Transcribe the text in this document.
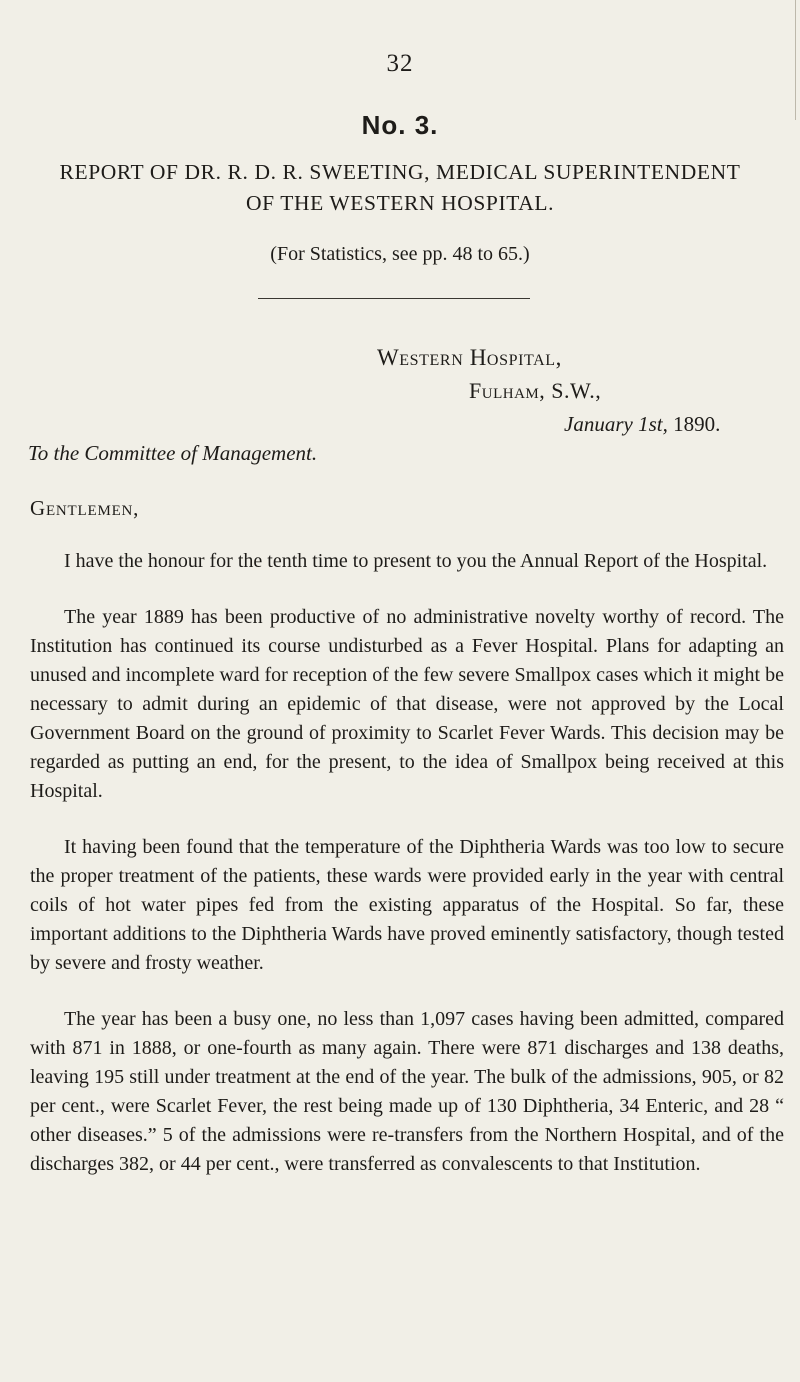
32
No. 3.
REPORT OF DR. R. D. R. SWEETING, MEDICAL SUPERINTENDENT
OF THE WESTERN HOSPITAL.
(For Statistics, see pp. 48 to 65.)
Western Hospital,
Fulham, S.W.,
January 1st, 1890.
To the Committee of Management.
Gentlemen,

I have the honour for the tenth time to present to you the Annual Report of the Hospital.

The year 1889 has been productive of no administrative novelty worthy of record. The Institution has continued its course undisturbed as a Fever Hospital. Plans for adapting an unused and incomplete ward for reception of the few severe Smallpox cases which it might be necessary to admit during an epidemic of that disease, were not approved by the Local Government Board on the ground of proximity to Scarlet Fever Wards. This decision may be regarded as putting an end, for the present, to the idea of Smallpox being received at this Hospital.

It having been found that the temperature of the Diphtheria Wards was too low to secure the proper treatment of the patients, these wards were provided early in the year with central coils of hot water pipes fed from the existing apparatus of the Hospital. So far, these important additions to the Diphtheria Wards have proved eminently satisfactory, though tested by severe and frosty weather.

The year has been a busy one, no less than 1,097 cases having been admitted, compared with 871 in 1888, or one-fourth as many again. There were 871 discharges and 138 deaths, leaving 195 still under treatment at the end of the year. The bulk of the admissions, 905, or 82 per cent., were Scarlet Fever, the rest being made up of 130 Diphtheria, 34 Enteric, and 28 “ other diseases.” 5 of the admissions were re-transfers from the Northern Hospital, and of the discharges 382, or 44 per cent., were transferred as convalescents to that Institution.
